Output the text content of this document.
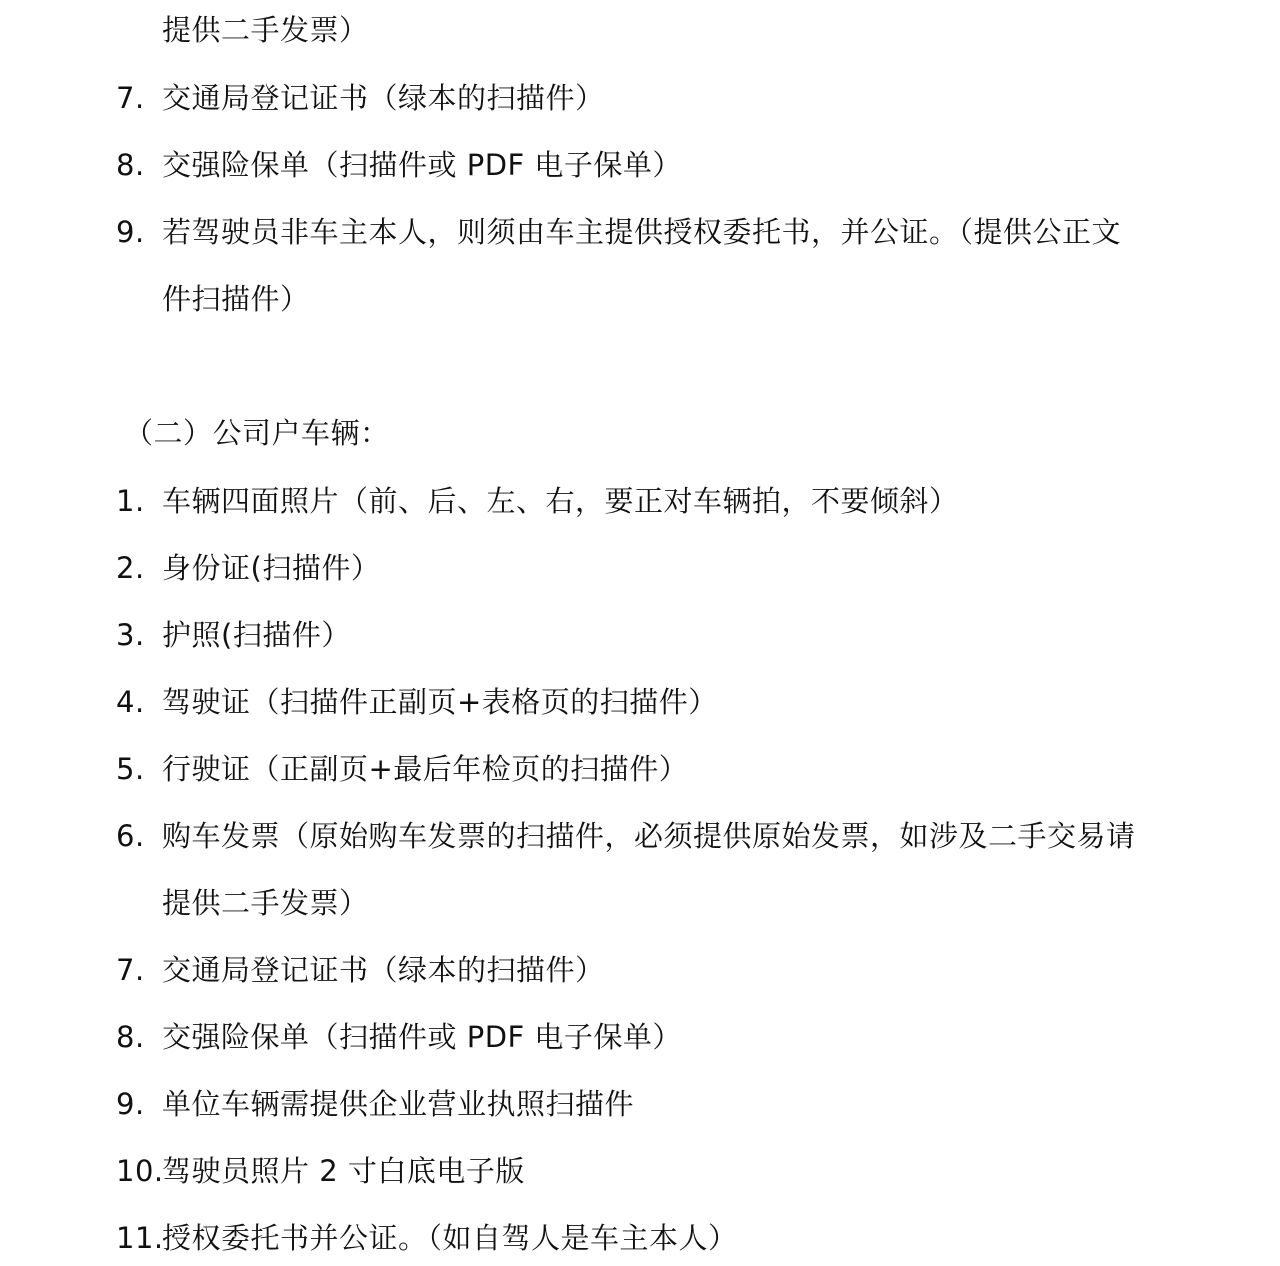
提供二手发票）
7. 交通局登记证书（绿本的扫描件）
8. 交强险保单（扫描件或 PDF 电子保单）
9. 若驾驶员非车主本人，则须由车主提供授权委托书，并公证。（提供公正文
件扫描件）
（二）公司户车辆：
1. 车辆四面照片（前、后、左、右，要正对车辆拍，不要倾斜）
2. 身份证(扫描件）
3. 护照(扫描件）
4. 驾驶证（扫描件正副页+表格页的扫描件）
5. 行驶证（正副页+最后年检页的扫描件）
6. 购车发票（原始购车发票的扫描件，必须提供原始发票，如涉及二手交易请
提供二手发票）
7. 交通局登记证书（绿本的扫描件）
8. 交强险保单（扫描件或 PDF 电子保单）
9. 单位车辆需提供企业营业执照扫描件
10.
驾驶员照片 2 寸白底电子版
11.
授权委托书并公证。（如自驾人是车主本人）
